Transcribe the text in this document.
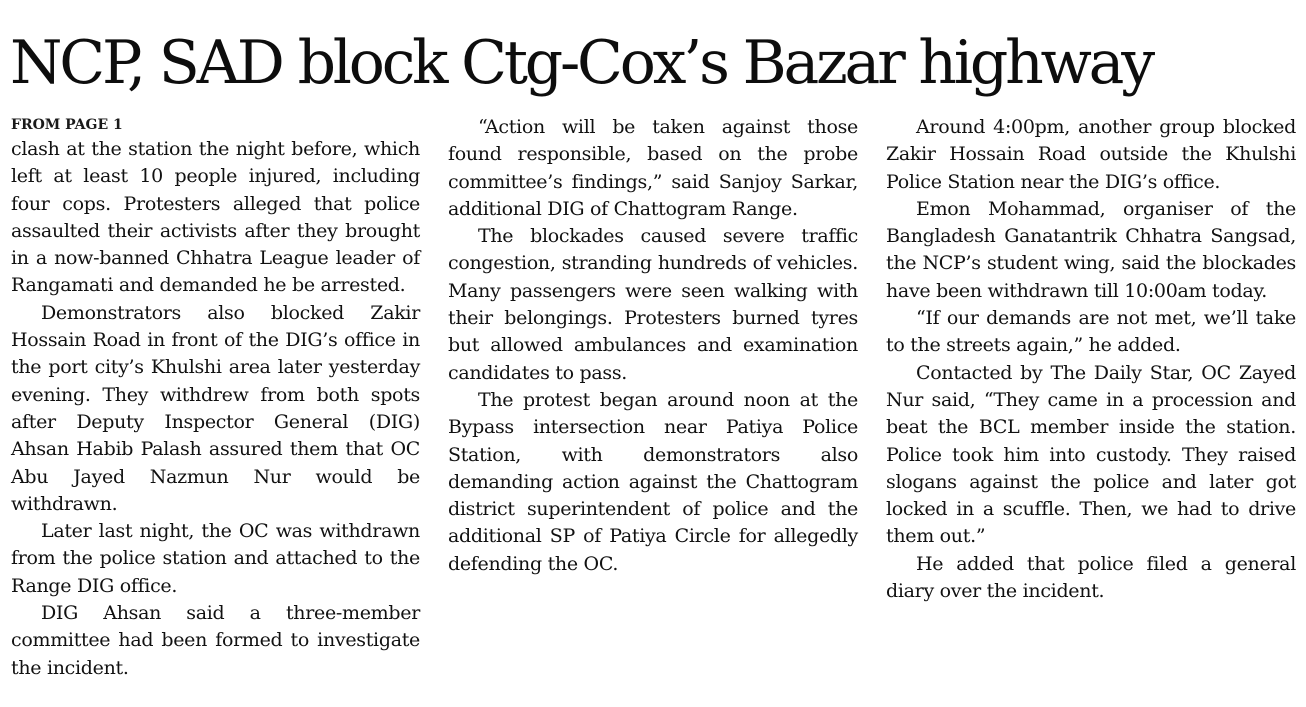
NCP, SAD block Ctg-Cox’s Bazar highway
FROM PAGE 1

clash at the station the night before, which left at least 10 people injured, including four cops. Protesters alleged that police assaulted their activists after they brought in a now-banned Chhatra League leader of Rangamati and demanded he be arrested.

Demonstrators also blocked Zakir Hossain Road in front of the DIG’s office in the port city’s Khulshi area later yesterday evening. They withdrew from both spots after Deputy Inspector General (DIG) Ahsan Habib Palash assured them that OC Abu Jayed Nazmun Nur would be withdrawn.

Later last night, the OC was withdrawn from the police station and attached to the Range DIG office.

DIG Ahsan said a three-member committee had been formed to investigate the incident.

“Action will be taken against those found responsible, based on the probe committee’s findings,” said Sanjoy Sarkar, additional DIG of Chattogram Range.

The blockades caused severe traffic congestion, stranding hundreds of vehicles. Many passengers were seen walking with their belongings. Protesters burned tyres but allowed ambulances and examination candidates to pass.

The protest began around noon at the Bypass intersection near Patiya Police Station, with demonstrators also demanding action against the Chattogram district superintendent of police and the additional SP of Patiya Circle for allegedly defending the OC.

Around 4:00pm, another group blocked Zakir Hossain Road outside the Khulshi Police Station near the DIG’s office.

Emon Mohammad, organiser of the Bangladesh Ganatantrik Chhatra Sangsad, the NCP’s student wing, said the blockades have been withdrawn till 10:00am today.

“If our demands are not met, we’ll take to the streets again,” he added.

Contacted by The Daily Star, OC Zayed Nur said, “They came in a procession and beat the BCL member inside the station. Police took him into custody. They raised slogans against the police and later got locked in a scuffle. Then, we had to drive them out.”

He added that police filed a general diary over the incident.
